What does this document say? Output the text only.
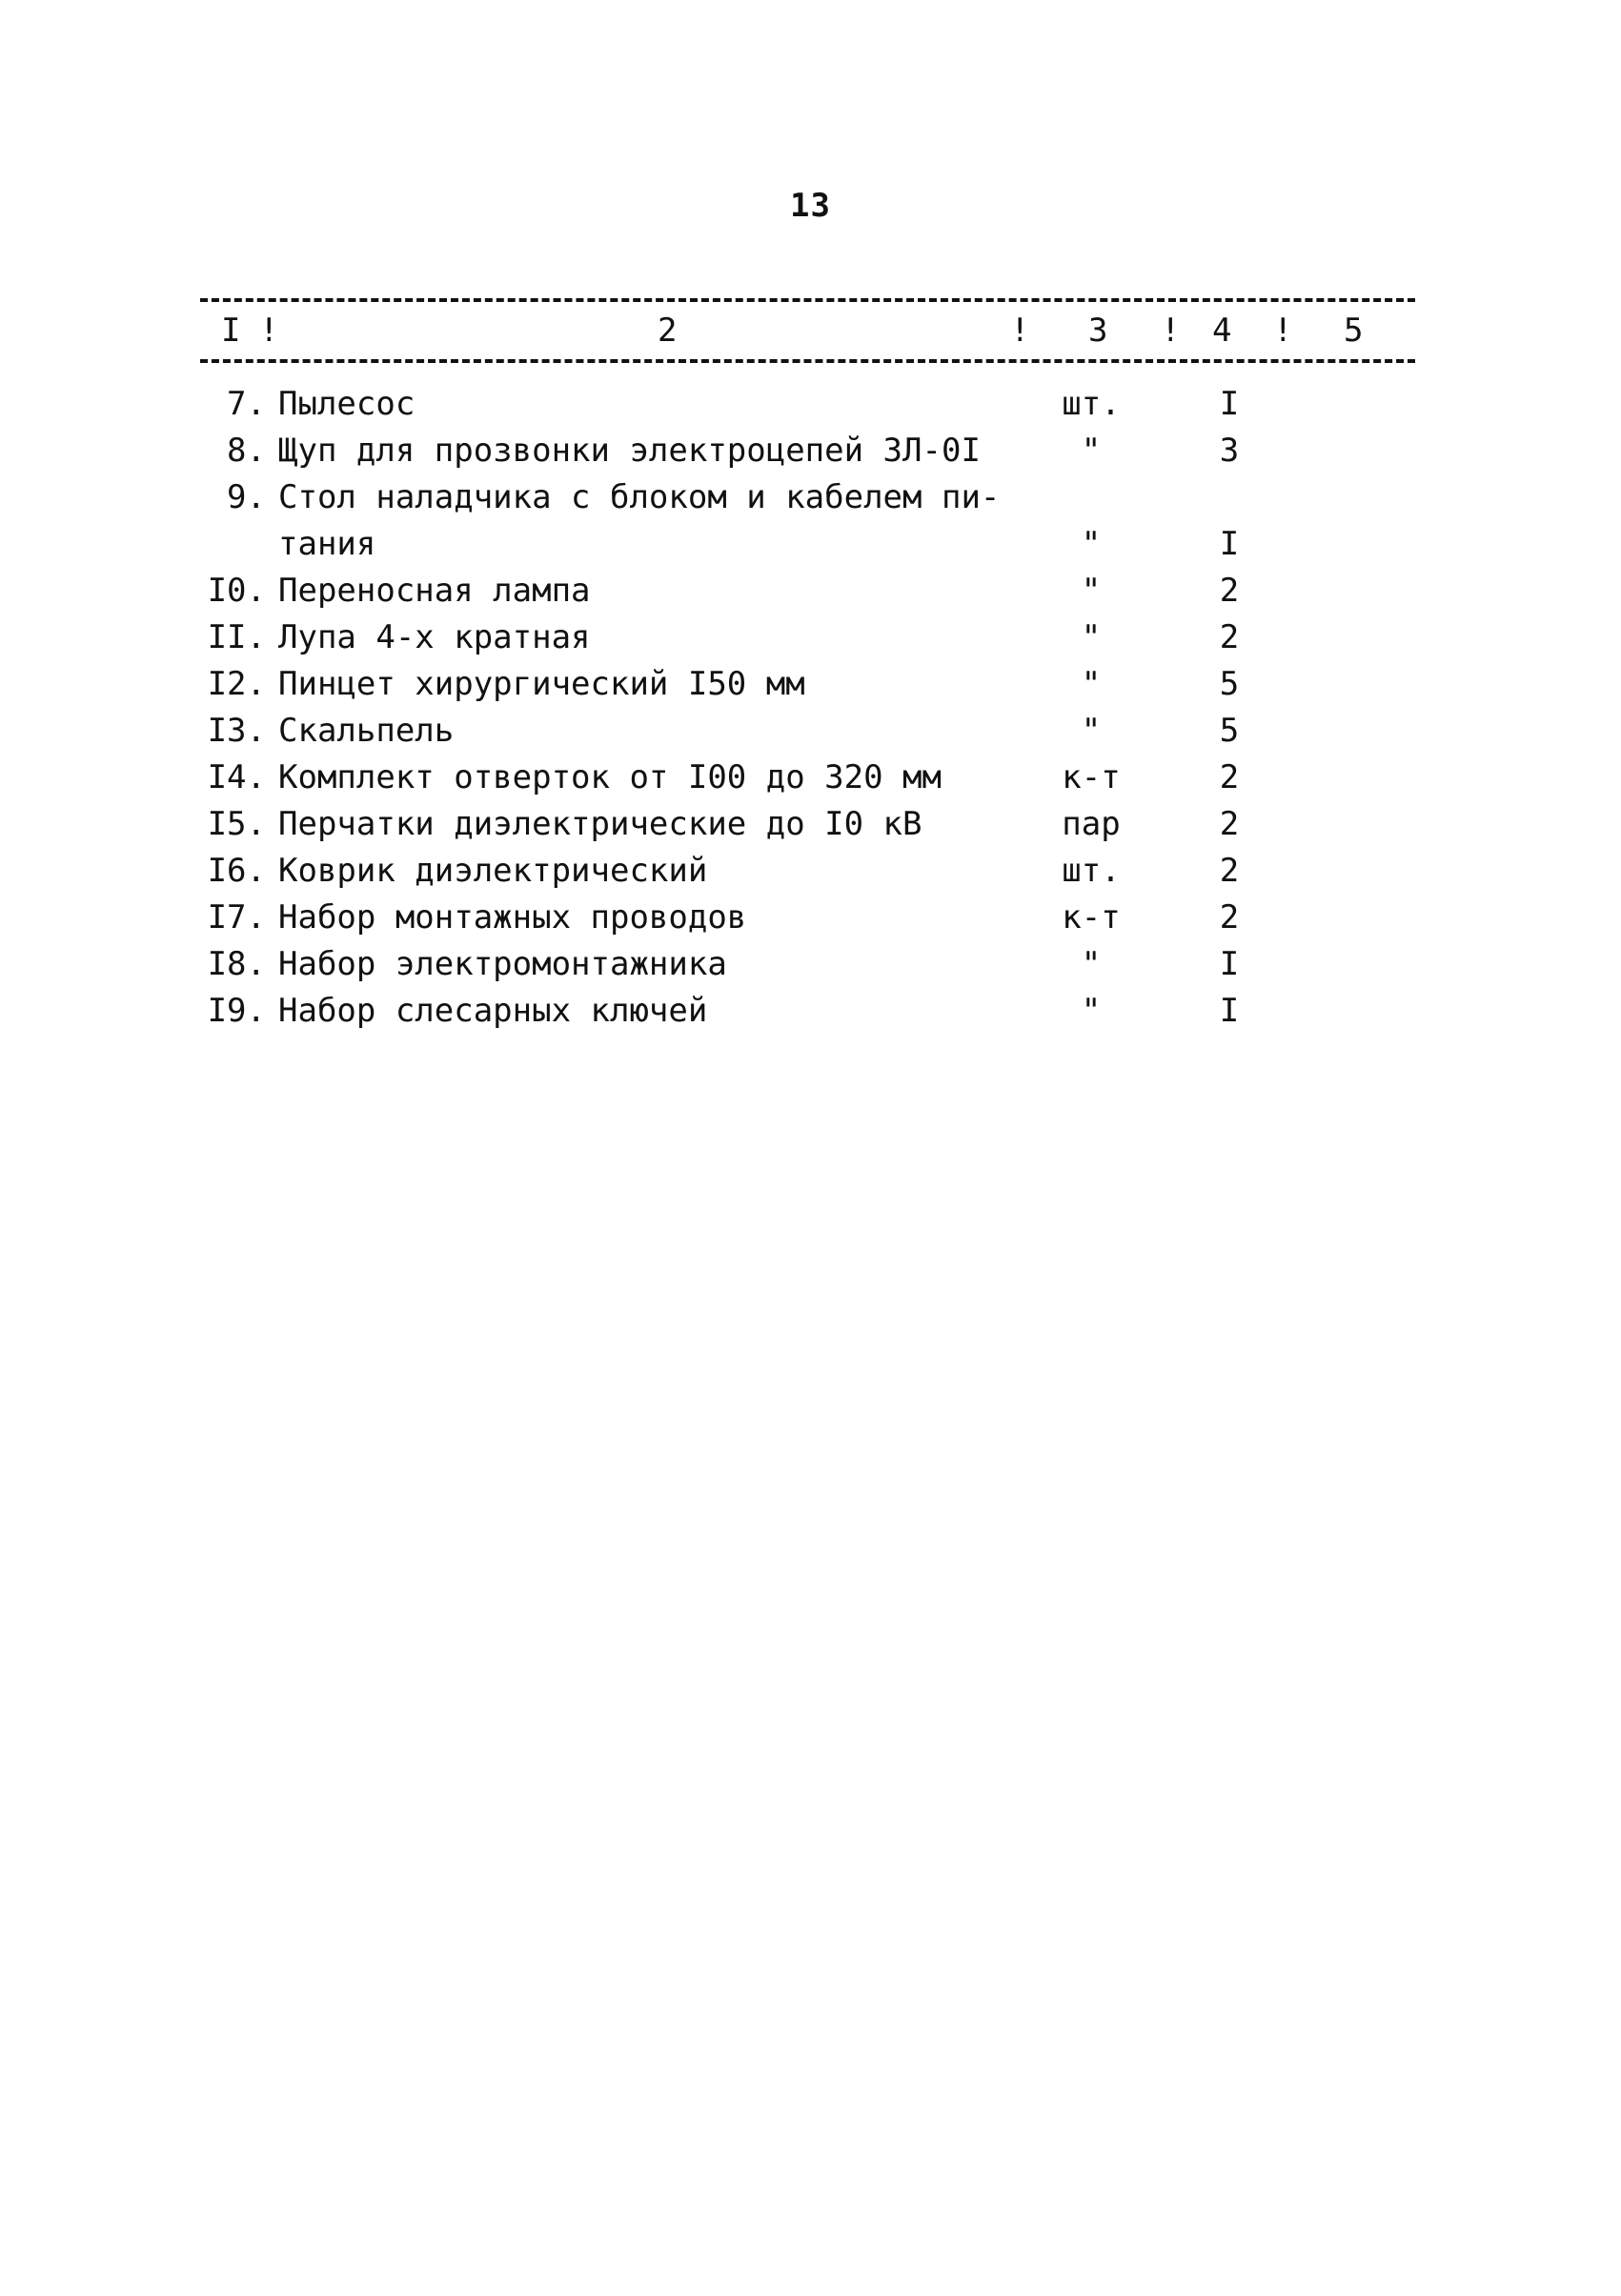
13
I !	2	! 3 ! 4 ! 5
7. Пылесос	шт.	I
8. Щуп для прозвонки электроцепей ЗЛ-0I	"	3
9. Стол наладчика с блоком и кабелем пи-
тания	"	I
I0. Переносная лампа	"	2
II. Лупа 4-х кратная	"	2
I2. Пинцет хирургический I50 мм	"	5
I3. Скальпель	"	5
I4. Комплект отверток от I00 до 320 мм	к-т	2
I5. Перчатки диэлектрические до I0 кВ	пар	2
I6. Коврик диэлектрический	шт.	2
I7. Набор монтажных проводов	к-т	2
I8. Набор электромонтажника	"	I
I9. Набор слесарных ключей	"	I
